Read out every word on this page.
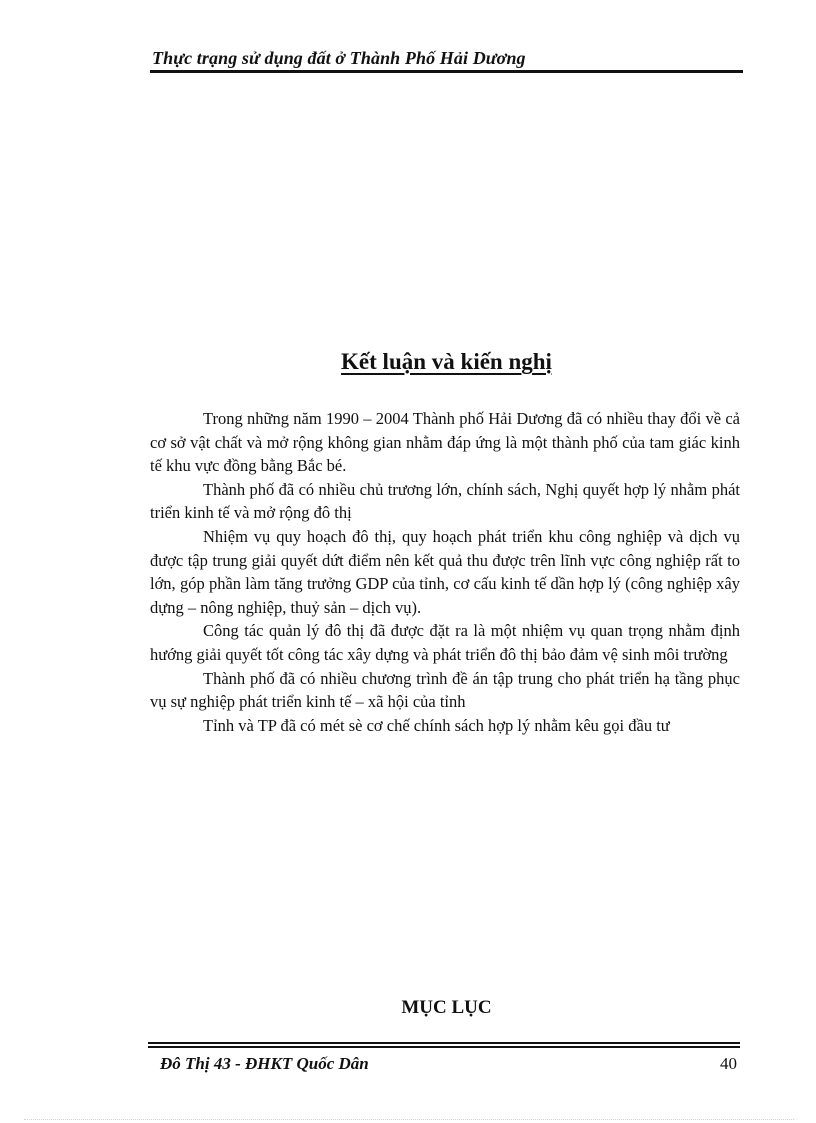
Thực trạng sử dụng đất ở Thành Phố Hải Dương
Kết luận và kiến nghị

Trong những năm 1990 – 2004 Thành phố Hải Dương đã có nhiều thay đổi về cả cơ sở vật chất và mở rộng không gian nhằm đáp ứng là một thành phố của tam giác kinh tế khu vực đồng bằng Bắc bé.

Thành phố đã có nhiều chủ trương lớn, chính sách, Nghị quyết hợp lý nhằm phát triển kinh tế và mở rộng đô thị

Nhiệm vụ quy hoạch đô thị, quy hoạch phát triển khu công nghiệp và dịch vụ được tập trung giải quyết dứt điểm nên kết quả thu được trên lĩnh vực công nghiệp rất to lớn, góp phần làm tăng trưởng GDP của tỉnh, cơ cấu kinh tế dần hợp lý (công nghiệp xây dựng – nông nghiệp, thuỷ sản – dịch vụ).

Công tác quản lý đô thị đã được đặt ra là một nhiệm vụ quan trọng nhằm định hướng giải quyết tốt công tác xây dựng và phát triển đô thị bảo đảm vệ sinh môi trường

Thành phố đã có nhiều chương trình đề án tập trung cho phát triển hạ tầng phục vụ sự nghiệp phát triển kinh tế – xã hội của tỉnh

Tỉnh và TP đã có mét sè cơ chế chính sách hợp lý nhằm kêu gọi đầu tư

MỤC LỤC
Đô Thị 43 - ĐHKT Quốc Dân	40
